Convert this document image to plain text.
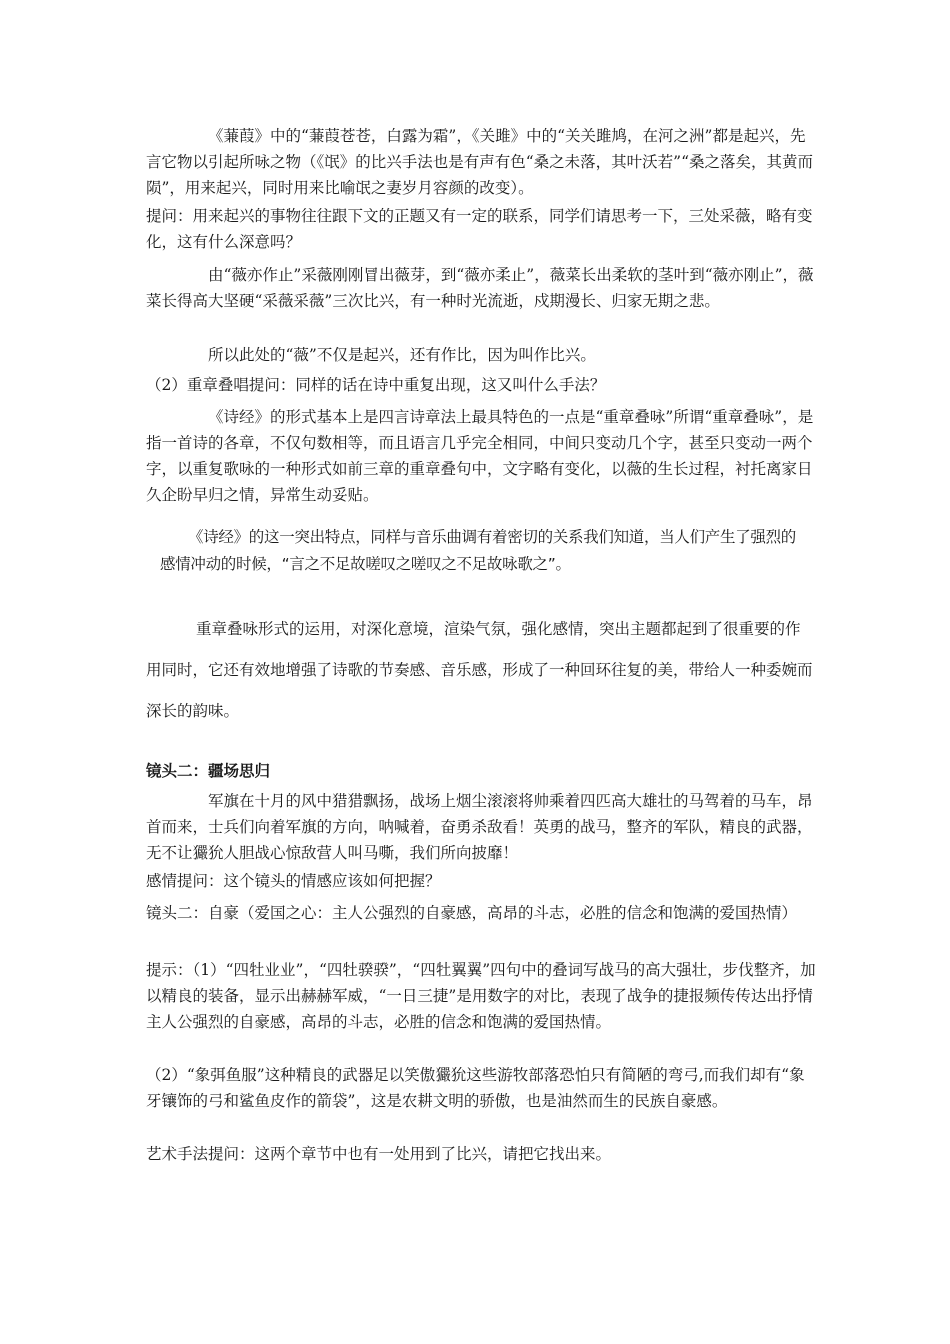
《蒹葭》中的“蒹葭苍苍，白露为霜”，《关雎》中的“关关雎鸠，在河之洲”都是起兴，先言它物以引起所咏之物（《氓》的比兴手法也是有声有色“桑之未落，其叶沃若”“桑之落矣，其黄而陨”，用来起兴，同时用来比喻氓之妻岁月容颜的改变）。

提问：用来起兴的事物往往跟下文的正题又有一定的联系，同学们请思考一下，三处采薇，略有变化，这有什么深意吗？

由“薇亦作止”采薇刚刚冒出薇芽，到“薇亦柔止”，薇菜长出柔软的茎叶到“薇亦刚止”，薇菜长得高大坚硬“采薇采薇”三次比兴，有一种时光流逝，戍期漫长、归家无期之悲。

所以此处的“薇”不仅是起兴，还有作比，因为叫作比兴。

（2）重章叠唱提问：同样的话在诗中重复出现，这又叫什么手法？

《诗经》的形式基本上是四言诗章法上最具特色的一点是“重章叠咏”所谓“重章叠咏”，是指一首诗的各章，不仅句数相等，而且语言几乎完全相同，中间只变动几个字，甚至只变动一两个字，以重复歌咏的一种形式如前三章的重章叠句中，文字略有变化，以薇的生长过程，衬托离家日久企盼早归之情，异常生动妥贴。

《诗经》的这一突出特点，同样与音乐曲调有着密切的关系我们知道，当人们产生了强烈的感情冲动的时候，“言之不足故嗟叹之嗟叹之不足故咏歌之”。

重章叠咏形式的运用，对深化意境，渲染气氛，强化感情，突出主题都起到了很重要的作用同时，它还有效地增强了诗歌的节奏感、音乐感，形成了一种回环往复的美，带给人一种委婉而深长的韵味。

镜头二：疆场思归

军旗在十月的风中猎猎飘扬，战场上烟尘滚滚将帅乘着四匹高大雄壮的马驾着的马车，昂首而来，士兵们向着军旗的方向，呐喊着，奋勇杀敌看！英勇的战马，整齐的军队，精良的武器，无不让玁狁人胆战心惊敌营人叫马嘶，我们所向披靡！

感情提问：这个镜头的情感应该如何把握？

镜头二：自豪（爱国之心：主人公强烈的自豪感，高昂的斗志，必胜的信念和饱满的爱国热情）

提示：（1）“四牡业业”，“四牡骙骙”，“四牡翼翼”四句中的叠词写战马的高大强壮，步伐整齐，加以精良的装备，显示出赫赫军威，“一日三捷”是用数字的对比，表现了战争的捷报频传传达出抒情主人公强烈的自豪感，高昂的斗志，必胜的信念和饱满的爱国热情。

（2）“象弭鱼服”这种精良的武器足以笑傲玁狁这些游牧部落恐怕只有简陋的弯弓,而我们却有“象牙镶饰的弓和鲨鱼皮作的箭袋”，这是农耕文明的骄傲，也是油然而生的民族自豪感。

艺术手法提问：这两个章节中也有一处用到了比兴，请把它找出来。
